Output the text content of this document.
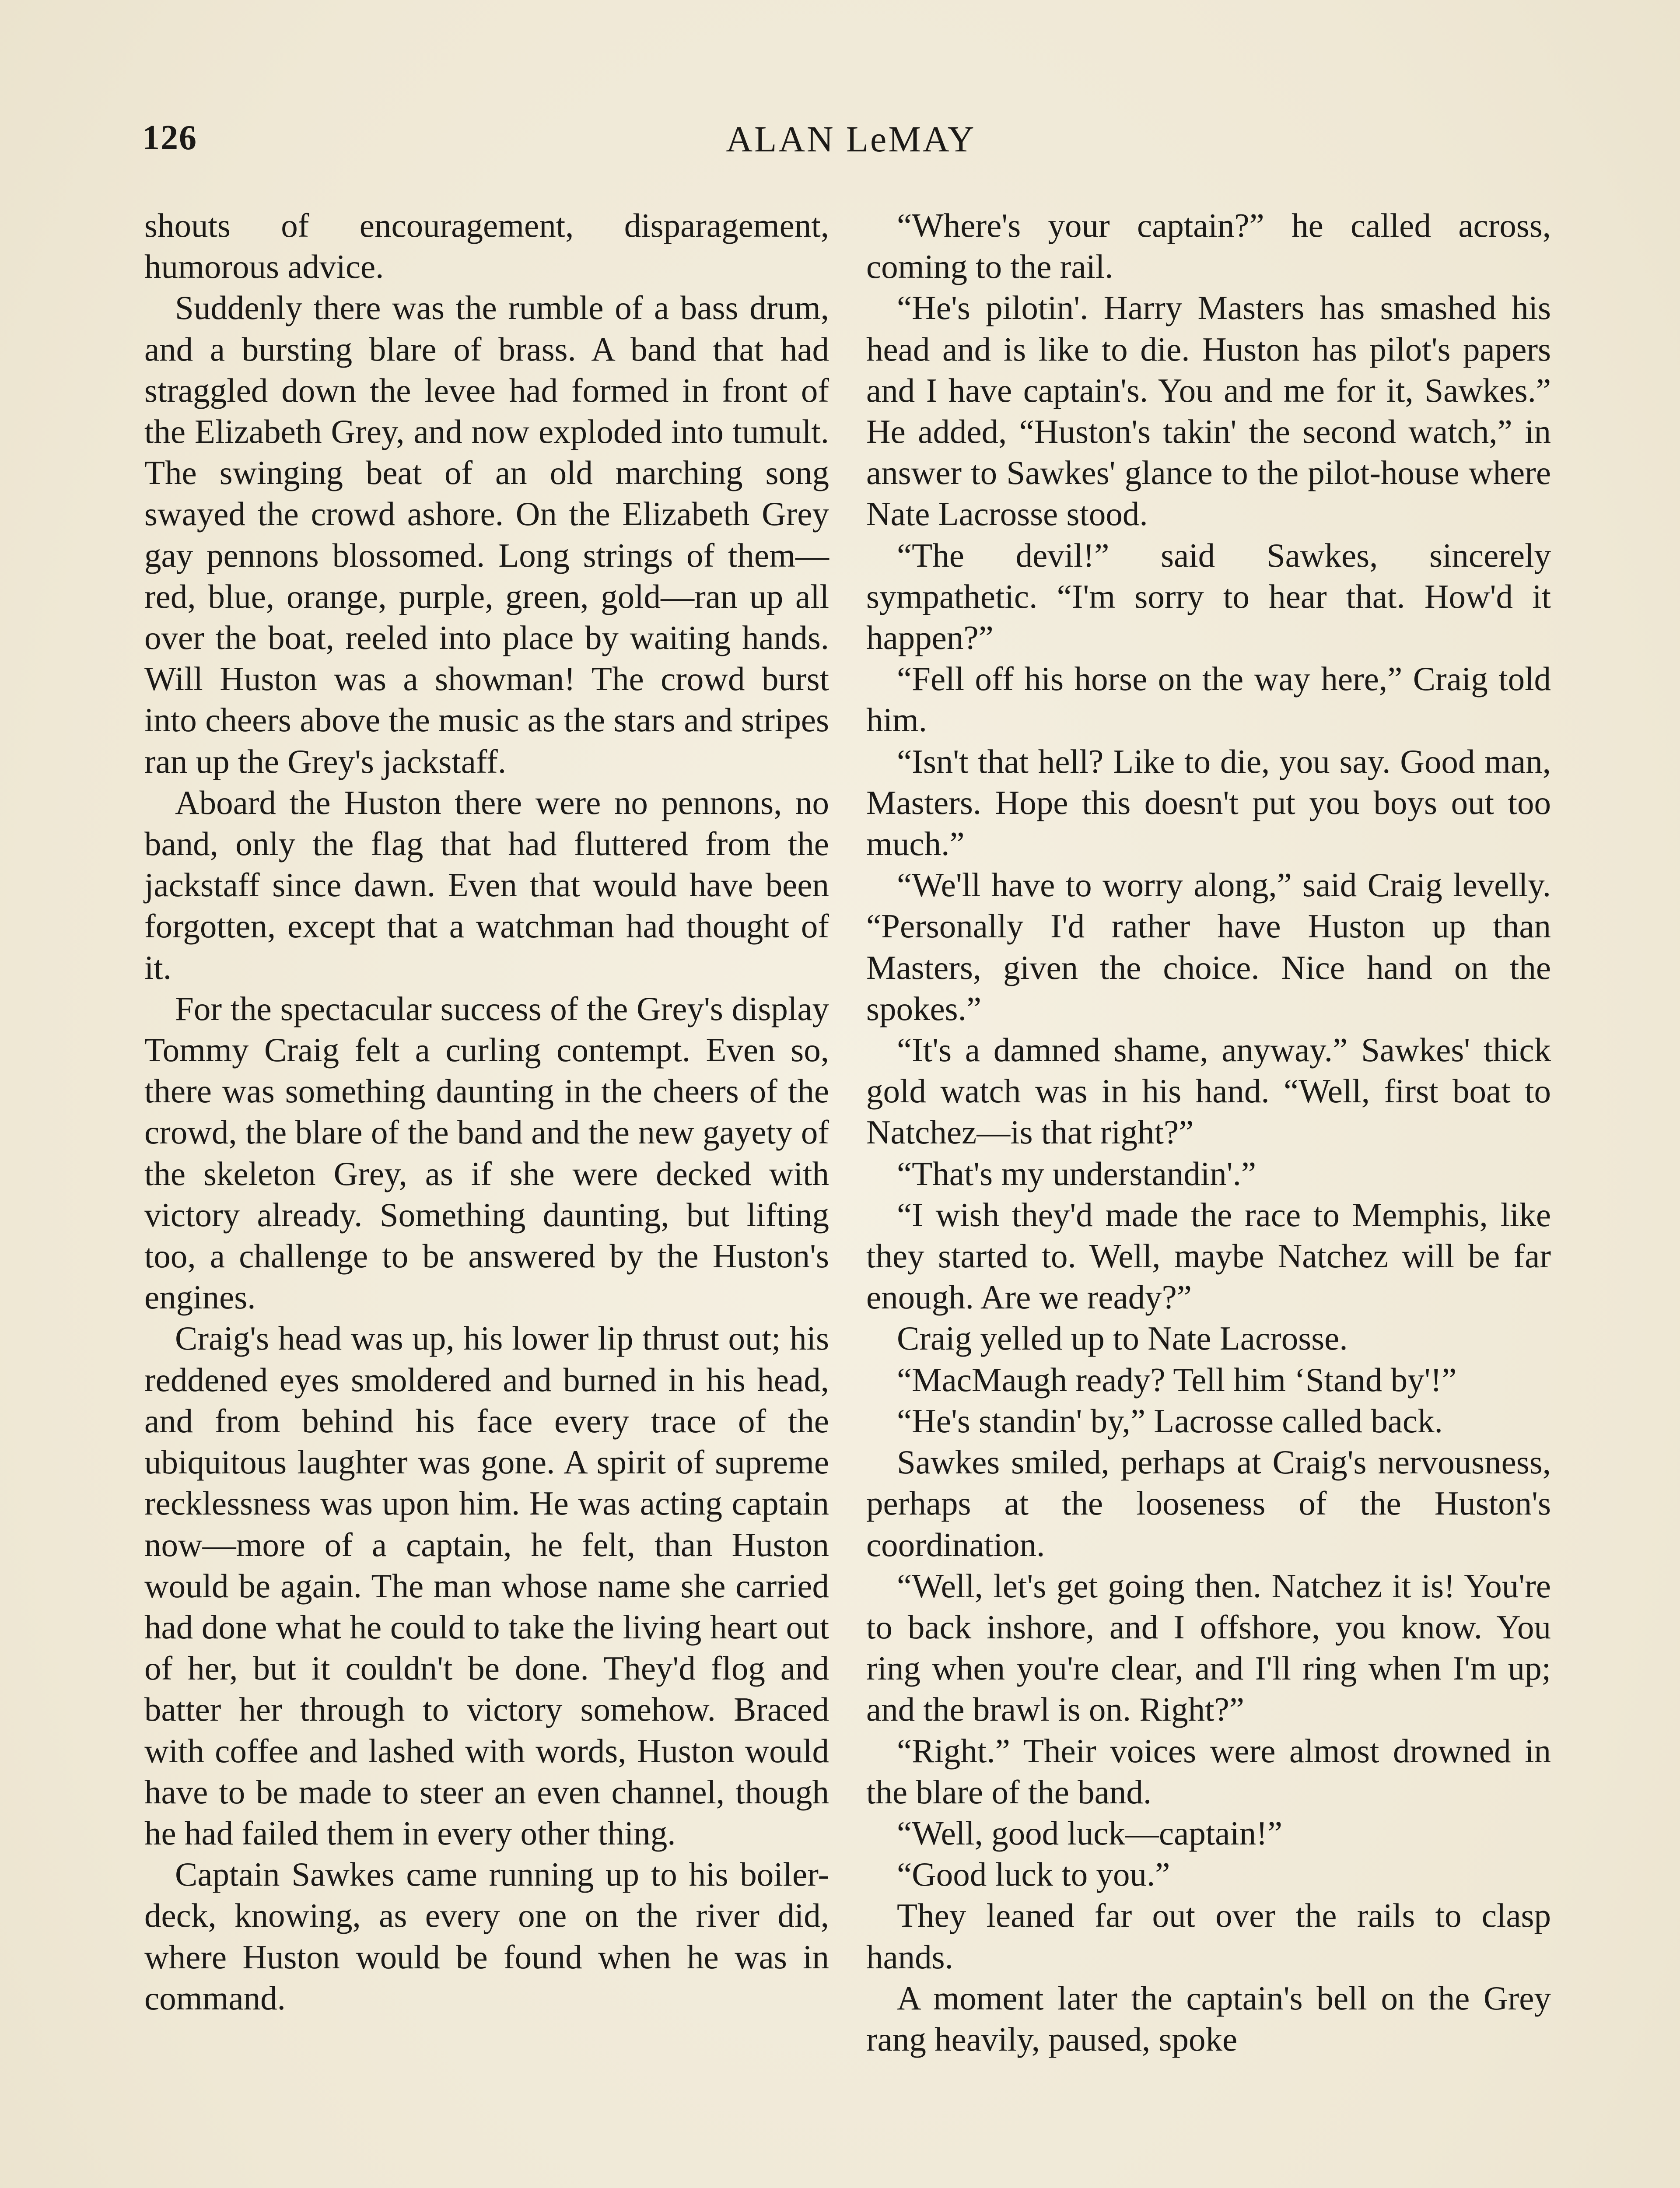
126	ALAN LeMAY

shouts of encouragement, disparagement, humorous advice.

Suddenly there was the rumble of a bass drum, and a bursting blare of brass. A band that had straggled down the levee had formed in front of the Elizabeth Grey, and now exploded into tumult. The swinging beat of an old marching song swayed the crowd ashore. On the Elizabeth Grey gay pennons blossomed. Long strings of them—red, blue, orange, purple, green, gold—ran up all over the boat, reeled into place by waiting hands. Will Huston was a showman! The crowd burst into cheers above the music as the stars and stripes ran up the Grey's jackstaff.

Aboard the Huston there were no pennons, no band, only the flag that had fluttered from the jackstaff since dawn. Even that would have been forgotten, except that a watchman had thought of it.

For the spectacular success of the Grey's display Tommy Craig felt a curling contempt. Even so, there was something daunting in the cheers of the crowd, the blare of the band and the new gayety of the skeleton Grey, as if she were decked with victory already. Something daunting, but lifting too, a challenge to be answered by the Huston's engines.

Craig's head was up, his lower lip thrust out; his reddened eyes smoldered and burned in his head, and from behind his face every trace of the ubiquitous laughter was gone. A spirit of supreme recklessness was upon him. He was acting captain now—more of a captain, he felt, than Huston would be again. The man whose name she carried had done what he could to take the living heart out of her, but it couldn't be done. They'd flog and batter her through to victory somehow. Braced with coffee and lashed with words, Huston would have to be made to steer an even channel, though he had failed them in every other thing.

Captain Sawkes came running up to his boiler-deck, knowing, as every one on the river did, where Huston would be found when he was in command.

“Where's your captain?” he called across, coming to the rail.

“He's pilotin'. Harry Masters has smashed his head and is like to die. Huston has pilot's papers and I have captain's. You and me for it, Sawkes.” He added, “Huston's takin' the second watch,” in answer to Sawkes' glance to the pilot-house where Nate Lacrosse stood.

“The devil!” said Sawkes, sincerely sympathetic. “I'm sorry to hear that. How'd it happen?”

“Fell off his horse on the way here,” Craig told him.

“Isn't that hell? Like to die, you say. Good man, Masters. Hope this doesn't put you boys out too much.”

“We'll have to worry along,” said Craig levelly. “Personally I'd rather have Huston up than Masters, given the choice. Nice hand on the spokes.”

“It's a damned shame, anyway.” Sawkes' thick gold watch was in his hand. “Well, first boat to Natchez—is that right?”

“That's my understandin'.”

“I wish they'd made the race to Memphis, like they started to. Well, maybe Natchez will be far enough. Are we ready?”

Craig yelled up to Nate Lacrosse.

“MacMaugh ready? Tell him ‘Stand by'!”

“He's standin' by,” Lacrosse called back.

Sawkes smiled, perhaps at Craig's nervousness, perhaps at the looseness of the Huston's coordination.

“Well, let's get going then. Natchez it is! You're to back inshore, and I offshore, you know. You ring when you're clear, and I'll ring when I'm up; and the brawl is on. Right?”

“Right.” Their voices were almost drowned in the blare of the band.

“Well, good luck—captain!”

“Good luck to you.”

They leaned far out over the rails to clasp hands.

A moment later the captain's bell on the Grey rang heavily, paused, spoke
